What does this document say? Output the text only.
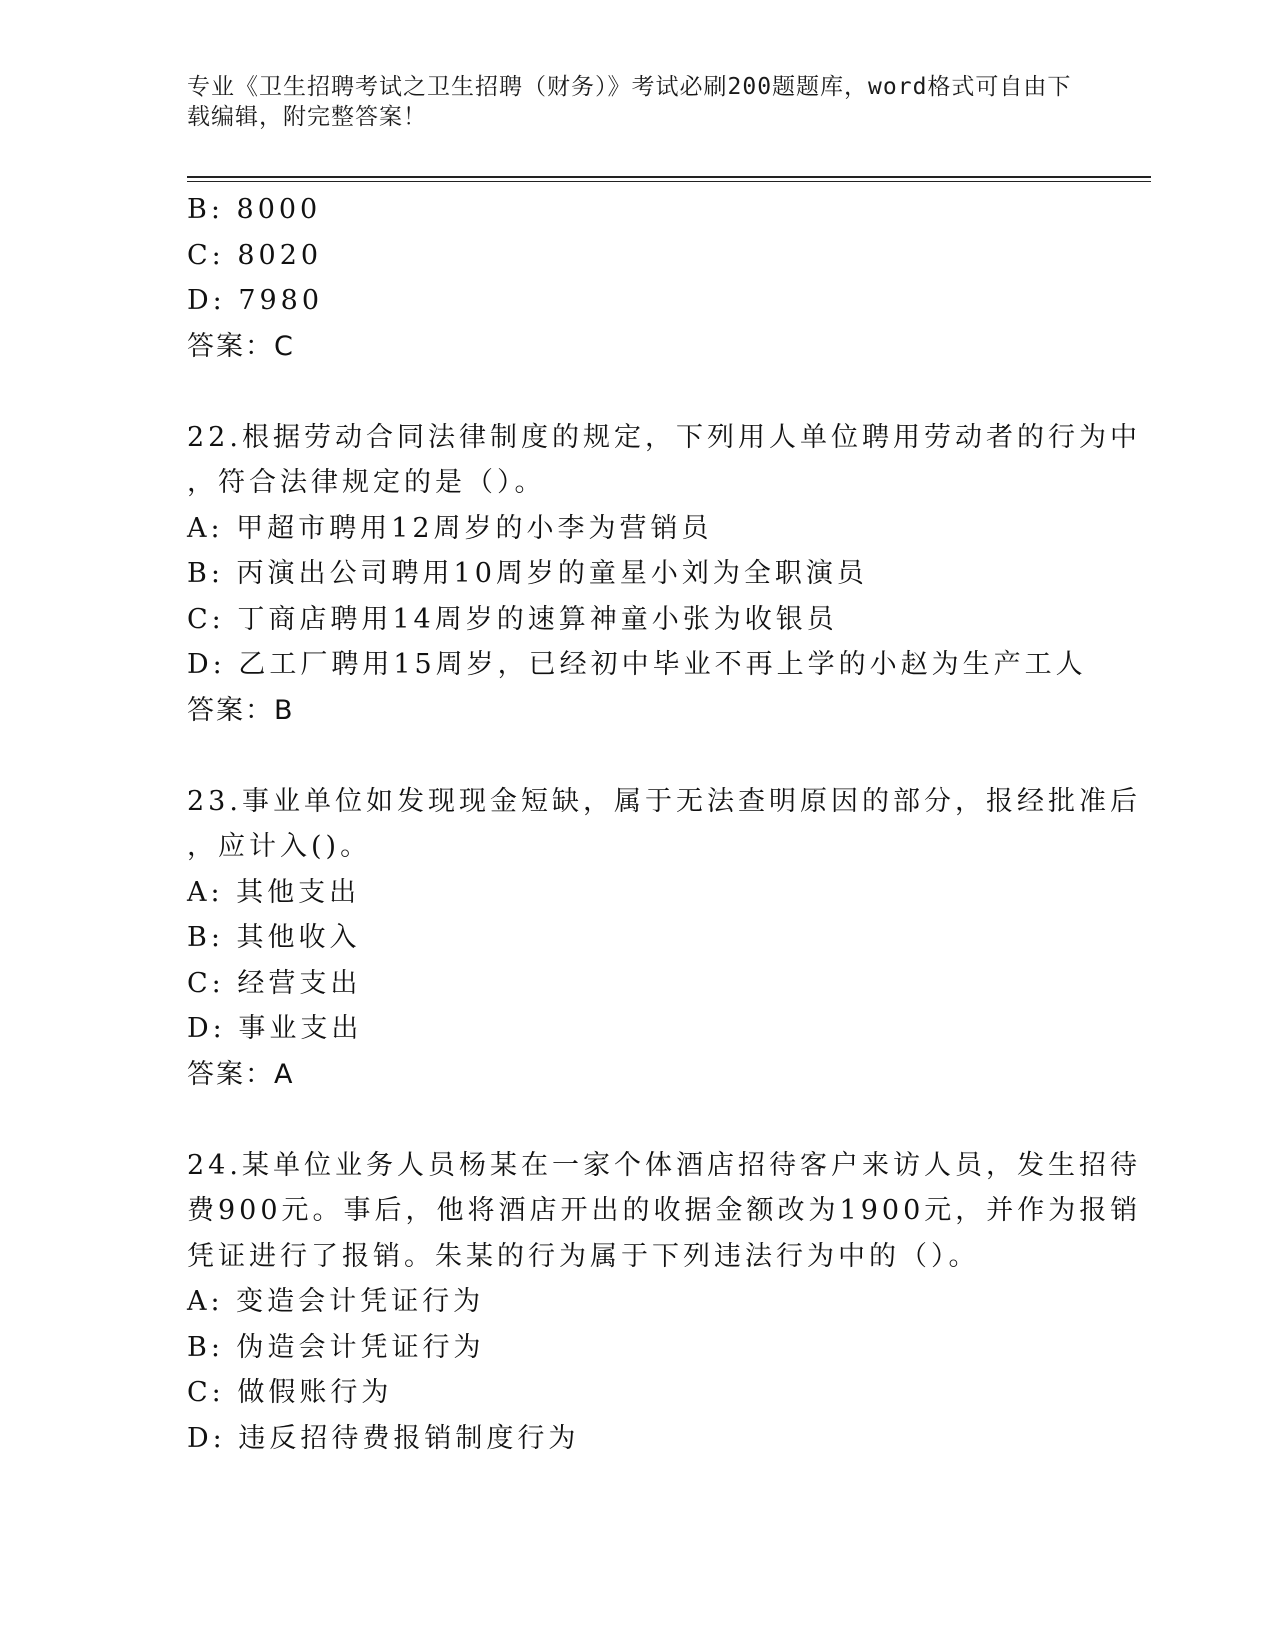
专业《卫生招聘考试之卫生招聘（财务）》考试必刷200题题库，word格式可自由下载编辑，附完整答案！
B: 8000
C: 8020
D: 7980
答案：C
22.根据劳动合同法律制度的规定，下列用人单位聘用劳动者的行为中
，符合法律规定的是（）。
A: 甲超市聘用12周岁的小李为营销员
B: 丙演出公司聘用10周岁的童星小刘为全职演员
C: 丁商店聘用14周岁的速算神童小张为收银员
D: 乙工厂聘用15周岁，已经初中毕业不再上学的小赵为生产工人
答案：B
23.事业单位如发现现金短缺，属于无法查明原因的部分，报经批准后
，应计入()。
A: 其他支出
B: 其他收入
C: 经营支出
D: 事业支出
答案：A
24.某单位业务人员杨某在一家个体酒店招待客户来访人员，发生招待
费900元。事后，他将酒店开出的收据金额改为1900元，并作为报销
凭证进行了报销。朱某的行为属于下列违法行为中的（）。
A: 变造会计凭证行为
B: 伪造会计凭证行为
C: 做假账行为
D: 违反招待费报销制度行为
